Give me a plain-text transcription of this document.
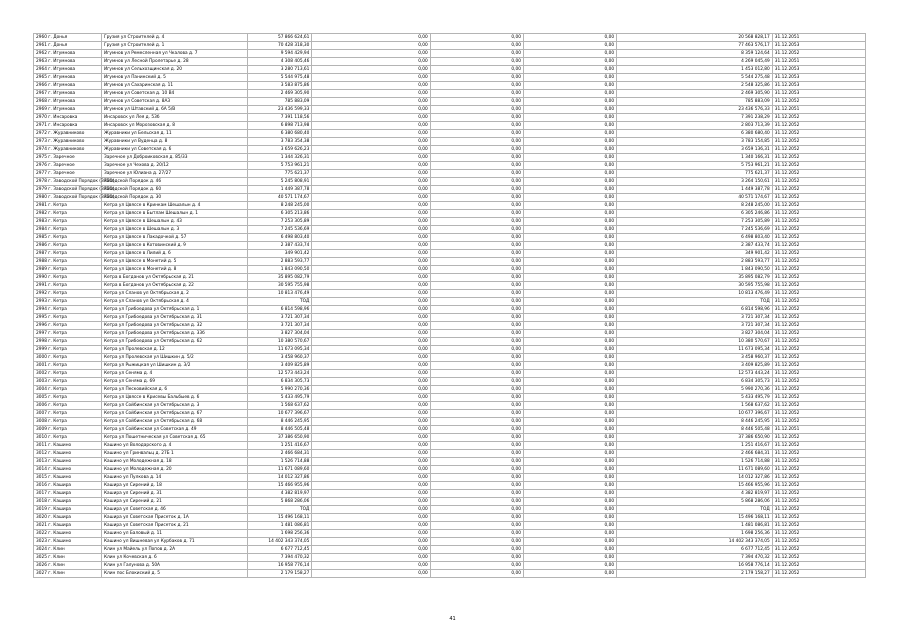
2960 г. Донья	Грузия ул Строителей д. 4	57 866 624,61	0,00	0,00	0,00	20 568 828,17	31.12.2051
2961 г. Донья	Грузия ул Строителей д. 1	70 428 318,30	0,00	0,00	0,00	77 463 576,17	31.12.2053
2962 г. Игумнова	Игумнов ул Ремесленная ул Чкалова д. 7	9 594 429,94	0,00	0,00	0,00	8 359 124,64	31.12.2052
2963 г. Игумнова	Игумнов ул Лесной Пролетарье д. 28	4 308 405,46	0,00	0,00	0,00	4 269 045,49	31.12.2051
2964 г. Игумнова	Игумнов ул Сельхозщинская д. 20	3 280 713,61	0,00	0,00	0,00	1 453 012,80	31.12.2053
2965 г. Игумнова	Игумнов ул Панинский д. 5	5 544 975,48	0,00	0,00	0,00	5 544 275,48	31.12.2053
2966 г. Игумнова	Игумнов ул Сахаринская д. 11	3 583 875,86	0,00	0,00	0,00	2 548 325,86	31.12.2053
2967 г. Игумнова	Игумнов ул Советская д. 10 В4	2 469 305,90	0,00	0,00	0,00	2 469 305,90	31.12.2053
2968 г. Игумнова	Игумнов ул Советская д. 8А3	785 883,09	0,00	0,00	0,00	785 883,09	31.12.2052
2969 г. Игумнова	Игумнов ул Штавский д. 6А 5/В	23 436 599,33	0,00	0,00	0,00	23 436 576,33	31.12.2051
2970 г. Инсаровка	Инсаровск ул Лея д. 53б	7 391 118,56	0,00	0,00	0,00	7 391 238,29	31.12.2052
2971 г. Инсаровка	Инсаровск ул Морозовская д. 8	6 898 713,98	0,00	0,00	0,00	2 803 713,39	31.12.2052
2972 г. Журавниково	Журавники ул Бельская д. 11	6 380 680,40	0,00	0,00	0,00	6 380 680,40	31.12.2052
2973 г. Журавниково	Журавники ул Вуденца д. 8	3 783 354,38	0,00	0,00	0,00	3 783 154,85	31.12.2052
2974 г. Журавниково	Журавники ул Советская д. 6	3 659 626,23	0,00	0,00	0,00	3 659 136,31	31.12.2052
2975 г. Заречное	Заречное ул Доброиковская д. 85/33	1 344 326,31	0,00	0,00	0,00	1 340 166,31	31.12.2052
2976 г. Заречное	Заречное ул Чехова д. 20/12	5 753 961,21	0,00	0,00	0,00	5 753 961,21	31.12.2052
2977 г. Заречное	Заречное ул Юлиана д. 27/27	775 621,37	0,00	0,00	0,00	775 621,37	31.12.2052
2978 г. Заводской Порядок (ЗАТО)	Заводской Порядок д. 46	5 245 808,91	0,00	0,00	0,00	3 264 150,61	31.12.2052
2979 г. Заводской Порядок (ЗАТО)	Заводской Порядок д. 60	1 449 387,78	0,00	0,00	0,00	1 449 387,78	31.12.2052
2980 г. Заводской Порядок (ЗАТО)	Заводской Порядок д. 30	40 571 174,67	0,00	0,00	0,00	40 571 174,67	31.12.2052
2981 г. Кетра	Кетра ул Цвяссе в Кринкам Шешалын д. 4	8 248 245,00	0,00	0,00	0,00	8 248 245,00	31.12.2052
2982 г. Кетра	Кетра ул Цвяссе в Бытлам Шешалын д. 1	6 305 213,86	0,00	0,00	0,00	6 305 246,86	31.12.2052
2983 г. Кетра	Кетра ул Цвяссе в Шешалын д. 43	7 253 305,89	0,00	0,00	0,00	7 253 305,89	31.12.2052
2984 г. Кетра	Кетра ул Цвяссе в Шешалын д. 3	7 245 536,69	0,00	0,00	0,00	7 245 536,69	31.12.2052
2985 г. Кетра	Кетра ул Цвяссе в Лакадочкой д. 57	6 498 803,40	0,00	0,00	0,00	6 498 803,40	31.12.2052
2986 г. Кетра	Кетра ул Цвяссе в Котовинский д. 9	2 387 433,74	0,00	0,00	0,00	2 387 433,74	31.12.2052
2987 г. Кетра	Кетра ул Цвяссе в Лилий д. 6	349 901,42	0,00	0,00	0,00	349 901,42	31.12.2052
2988 г. Кетра	Кетра ул Цвяссе в Монетий д. 5	2 883 593,77	0,00	0,00	0,00	2 883 593,77	31.12.2052
2989 г. Кетра	Кетра ул Цвяссе в Монетий д. 8	1 843 090,50	0,00	0,00	0,00	1 843 090,50	31.12.2052
2990 г. Кетра	Кетра в Богданов ул Октябрьская д. 21	35 895 082,79	0,00	0,00	0,00	35 895 082,79	31.12.2052
2991 г. Кетра	Кетра в Богданов ул Октябрьская д. 22	30 595 755,98	0,00	0,00	0,00	30 595 755,98	31.12.2052
2992 г. Кетра	Кетра ул Сланов ул Октябрьская д. 2	10 813 476,49	0,00	0,00	0,00	10 813 476,49	31.12.2052
2993 г. Кетра	Кетра ул Сланов ул Октябрьская д. 4	ТОД	0,00	0,00	0,00	ТОД	31.12.2052
2994 г. Кетра	Кетра ул Грибоедова ул Октябрьская д. 1	6 814 598,96	0,00	0,00	0,00	6 814 598,96	31.12.2052
2995 г. Кетра	Кетра ул Грибоедова ул Октябрьская д. 31	3 721 307,34	0,00	0,00	0,00	3 721 307,34	31.12.2052
2996 г. Кетра	Кетра ул Грибоедова ул Октябрьская д. 32	3 721 307,34	0,00	0,00	0,00	3 721 307,34	31.12.2052
2997 г. Кетра	Кетра ул Грибоедова ул Октябрьская д. 33б	3 827 304,04	0,00	0,00	0,00	3 827 304,04	31.12.2052
2998 г. Кетра	Кетра ул Грибоедова ул Октябрьская д. 62	10 380 570,67	0,00	0,00	0,00	10 380 570,67	31.12.2052
2999 г. Кетра	Кетра ул Пролевская д. 12	11 673 095,34	0,00	0,00	0,00	11 673 095,34	31.12.2052
3000 г. Кетра	Кетра ул Пролевская ул Шишкин д. 5/2	3 458 960,37	0,00	0,00	0,00	3 458 960,37	31.12.2052
3001 г. Кетра	Кетра ул Рыжицкая ул Шишкин д. 3/2	3 409 825,89	0,00	0,00	0,00	3 409 825,89	31.12.2052
3002 г. Кетра	Кетра ул Сеняма д. 4	12 573 443,24	0,00	0,00	0,00	12 573 443,24	31.12.2052
3003 г. Кетра	Кетра ул Сеняма д. 69	6 834 305,73	0,00	0,00	0,00	6 834 305,73	31.12.2052
3004 г. Кетра	Кетра ул Песковийская д. 6	5 990 270,36	0,00	0,00	0,00	5 990 270,36	31.12.2052
3005 г. Кетра	Кетра ул Цвяссе в Крисевы Бальбыев д. 6	5 433 495,79	0,00	0,00	0,00	5 433 495,79	31.12.2052
3006 г. Кетра	Кетра ул Сойбинская ул Октябрьская д. 3	1 568 637,62	0,00	0,00	0,00	1 568 637,62	31.12.2052
3007 г. Кетра	Кетра ул Сойбинская ул Октябрьская д. 67	10 677 396,67	0,00	0,00	0,00	10 677 396,67	31.12.2052
3008 г. Кетра	Кетра ул Сойбинская ул Октябрьская д. 68	8 446 245,95	0,00	0,00	0,00	8 446 245,95	31.12.2052
3009 г. Кетра	Кетра ул Сойбинская ул Советская д. 49	8 446 505,48	0,00	0,00	0,00	8 446 505,48	31.12.2051
3010 г. Кетра	Кетра ул Пошетническая ул Советская д. 65	37 386 650,90	0,00	0,00	0,00	37 386 650,90	31.12.2052
3011 г. Кашино	Кашино ул Володарского д. 4	1 251 416,67	0,00	0,00	0,00	1 251 416,67	31.12.2052
3012 г. Кашино	Кашино ул Гринвальц д. 27Б 1	2 466 684,31	0,00	0,00	0,00	2 466 684,31	31.12.2052
3013 г. Кашино	Кашино ул Молодежная д. 18	1 526 714,88	0,00	0,00	0,00	1 526 714,88	31.12.2052
3014 г. Кашино	Кашино ул Молодежная д. 20	11 671 089,60	0,00	0,00	0,00	11 671 089,60	31.12.2052
3015 г. Кашино	Кашино ул Пулкова д. 14	14 012 327,86	0,00	0,00	0,00	14 012 327,86	31.12.2052
3016 г. Кашира	Кашира ул Сирений д. 18	15 466 955,96	0,00	0,00	0,00	15 466 955,96	31.12.2052
3017 г. Кашира	Кашира ул Сирений д. 31	4 382 819,97	0,00	0,00	0,00	4 382 819,97	31.12.2052
3018 г. Кашира	Кашира ул Сирений д. 21	5 868 286,06	0,00	0,00	0,00	5 868 286,06	31.12.2052
3019 г. Кашира	Кашира ул Советская д. 46	ТОД	0,00	0,00	0,00	ТОД	31.12.2052
3020 г. Кашира	Кашира ул Советская Присеток д. 1А	15 496 168,11	0,00	0,00	0,00	15 496 168,11	31.12.2052
3021 г. Кашира	Кашира ул Советская Присеток д. 21	1 481 086,81	0,00	0,00	0,00	1 481 086,81	31.12.2052
3022 г. Кашино	Кашино ул Баловый д. 11	1 698 256,36	0,00	0,00	0,00	1 698 256,36	31.12.2052
3023 г. Кашино	Кашино ул Вишневая ул Курбаков д. 71	14 402 343 374,05	0,00	0,00	0,00	14 402 343 374,05	31.12.2052
3024 г. Клин	Клин ул Майель ул Попов д. 2А	6 677 712,45	0,00	0,00	0,00	6 677 712,45	31.12.2052
3025 г. Клин	Клин ул Кочевская д. 6	7 394 470,32	0,00	0,00	0,00	7 394 470,32	31.12.2052
3026 г. Клин	Клин ул Галунова д. 50А	16 958 776,14	0,00	0,00	0,00	16 958 776,14	31.12.2052
3027 г. Клин	Клин пос Блокиский д. 5	2 179 158,27	0,00	0,00	0,00	2 179 158,27	31.12.2052
41
